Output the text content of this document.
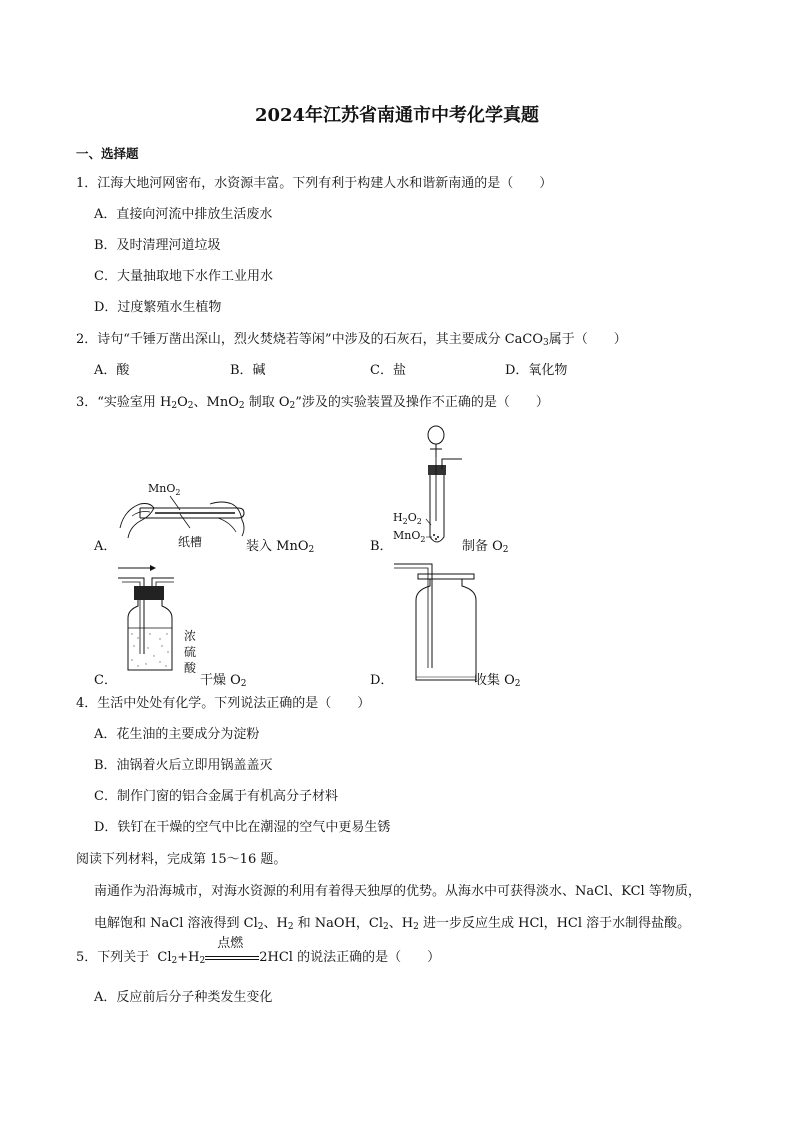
2024年江苏省南通市中考化学真题
一、选择题
1．江海大地河网密布，水资源丰富。下列有利于构建人水和谐新南通的是（　　）
A．直接向河流中排放生活废水
B．及时清理河道垃圾
C．大量抽取地下水作工业用水
D．过度繁殖水生植物
2．诗句“千锤万凿出深山，烈火焚烧若等闲”中涉及的石灰石，其主要成分 CaCO$_3$属于（　　）
A．酸	B．碱	C．盐	D．氧化物
3．“实验室用 $H_2O_2$、MnO$_2$ 制取 $O_2$”涉及的实验装置及操作不正确的是（　　）
A．
MnO$_2$
纸槽	装入 MnO$_2$	B．
$H_2O_2$
MnO$_2$	制备 $O_2$
C．
浓
硫
酸
干燥 $O_2$	D．	收集 $O_2$
4．生活中处处有化学。下列说法正确的是（　　）
A．花生油的主要成分为淀粉
B．油锅着火后立即用锅盖盖灭
C．制作门窗的铝合金属于有机高分子材料
D．铁钉在干燥的空气中比在潮湿的空气中更易生锈
阅读下列材料，完成第 15～16 题。
南通作为沿海城市，对海水资源的利用有着得天独厚的优势。从海水中可获得淡水、NaCl、KCl 等物质，
电解饱和 NaCl 溶液得到 $Cl_2$、$H_2$ 和 NaOH，$Cl_2$、$H_2$ 进一步反应生成 HCl，HCl 溶于水制得盐酸。
5．下列关于 $Cl_2+H_2$
点燃
2HCl 的说法正确的是（　　）
A．反应前后分子种类发生变化
